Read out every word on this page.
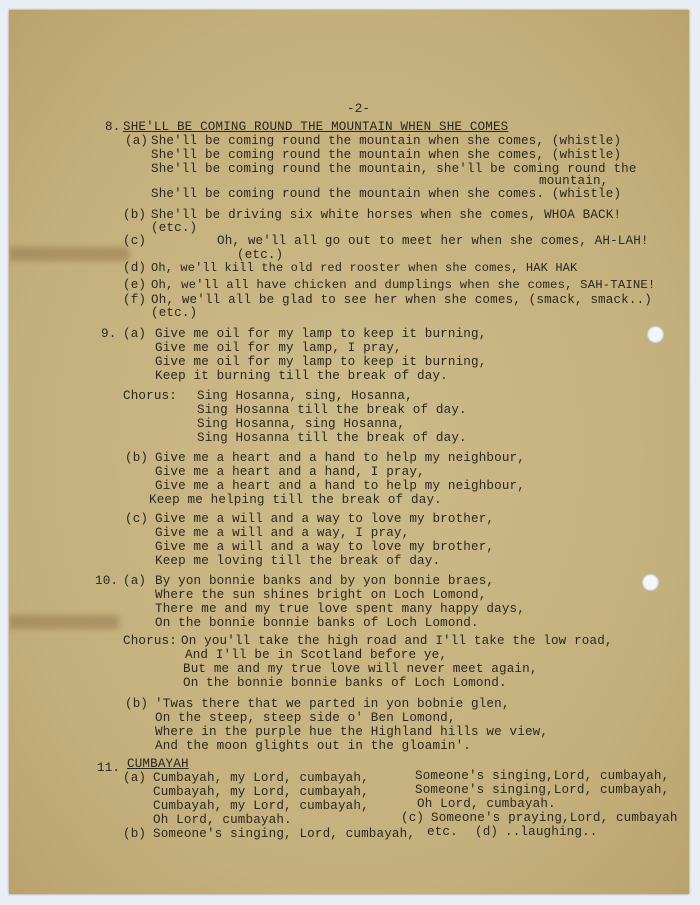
-2-
8. SHE'LL BE COMING ROUND THE MOUNTAIN WHEN SHE COMES
(a) She'll be coming round the mountain when she comes, (whistle)
She'll be coming round the mountain when she comes, (whistle)
She'll be coming round the mountain, she'll be coming round the
mountain,
She'll be coming round the mountain when she comes. (whistle)
(b) She'll be driving six white horses when she comes, WHOA BACK!
(etc.)
(c)	Oh, we'll all go out to meet her when she comes, AH-LAH!
(etc.)
(d) Oh, we'll kill the old red rooster when she comes, HAK HAK
(e) Oh, we'll all have chicken and dumplings when she comes, SAH-TAINE!
(f) Oh, we'll all be glad to see her when she comes, (smack, smack..)
(etc.)
9. (a) Give me oil for my lamp to keep it burning,
Give me oil for my lamp, I pray,
Give me oil for my lamp to keep it burning,
Keep it burning till the break of day.
Chorus: Sing Hosanna, sing, Hosanna,
Sing Hosanna till the break of day.
Sing Hosanna, sing Hosanna,
Sing Hosanna till the break of day.
(b) Give me a heart and a hand to help my neighbour,
Give me a heart and a hand, I pray,
Give me a heart and a hand to help my neighbour,
Keep me helping till the break of day.
(c) Give me a will and a way to love my brother,
Give me a will and a way, I pray,
Give me a will and a way to love my brother,
Keep me loving till the break of day.
10. (a) By yon bonnie banks and by yon bonnie braes,
Where the sun shines bright on Loch Lomond,
There me and my true love spent many happy days,
On the bonnie bonnie banks of Loch Lomond.
Chorus: On you'll take the high road and I'll take the low road,
And I'll be in Scotland before ye,
But me and my true love will never meet again,
On the bonnie bonnie banks of Loch Lomond.
(b) 'Twas there that we parted in yon bobnie glen,
On the steep, steep side o' Ben Lomond,
Where in the purple hue the Highland hills we view,
And the moon glights out in the gloamin'.
11. CUMBAYAH
(a) Cumbayah, my Lord, cumbayah,
Cumbayah, my Lord, cumbayah,
Cumbayah, my Lord, cumbayah,
Oh Lord, cumbayah.
(b) Someone's singing, Lord, cumbayah,
Someone's singing,Lord, cumbayah,
Someone's singing,Lord, cumbayah,
Oh Lord, cumbayah.
(c) Someone's praying,Lord, cumbayah
etc. (d) ..laughing..
